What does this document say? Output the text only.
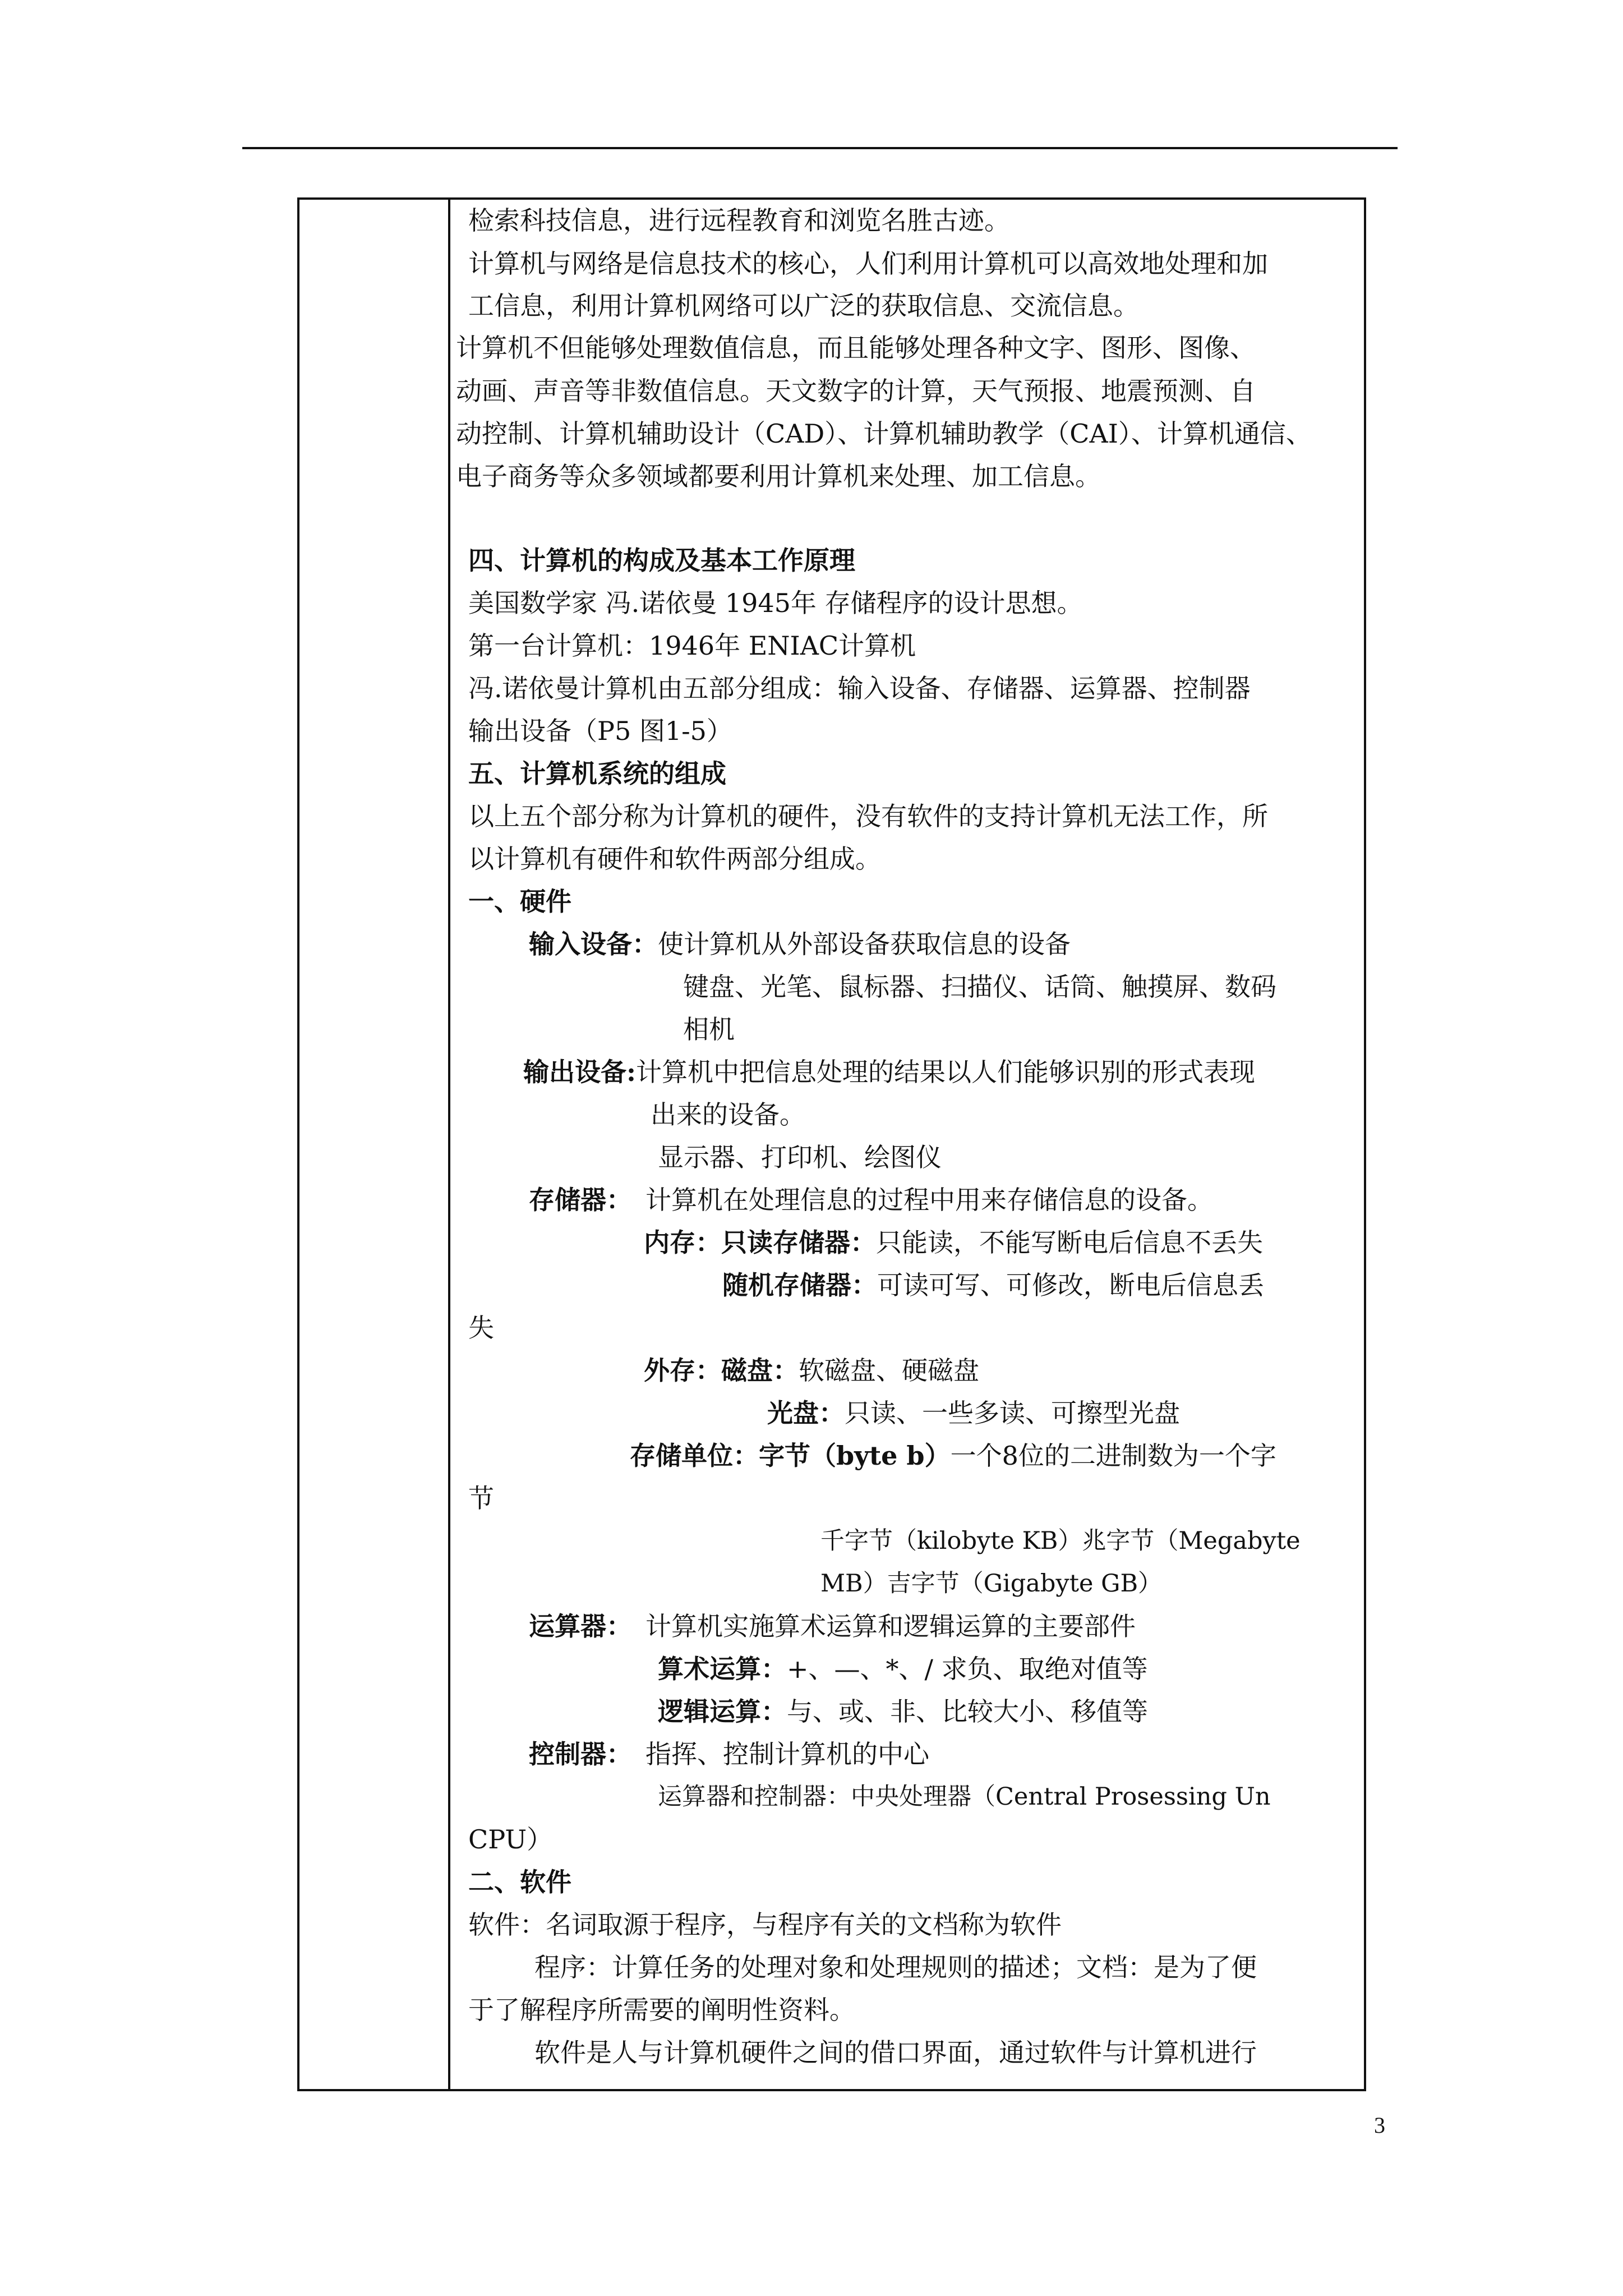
检索科技信息，进行远程教育和浏览名胜古迹。
计算机与网络是信息技术的核心，人们利用计算机可以高效地处理和加
工信息，利用计算机网络可以广泛的获取信息、交流信息。
计算机不但能够处理数值信息，而且能够处理各种文字、图形、图像、
动画、声音等非数值信息。天文数字的计算，天气预报、地震预测、自
动控制、计算机辅助设计（CAD）、计算机辅助教学（CAI）、计算机通信、
电子商务等众多领域都要利用计算机来处理、加工信息。
四、计算机的构成及基本工作原理
美国数学家 冯.诺依曼 1945年 存储程序的设计思想。
第一台计算机：1946年 ENIAC计算机
冯.诺依曼计算机由五部分组成：输入设备、存储器、运算器、控制器
输出设备（P5 图1-5）
五、计算机系统的组成
以上五个部分称为计算机的硬件，没有软件的支持计算机无法工作，所
以计算机有硬件和软件两部分组成。
一、硬件
输入设备：使计算机从外部设备获取信息的设备
键盘、光笔、鼠标器、扫描仪、话筒、触摸屏、数码
相机
输出设备:计算机中把信息处理的结果以人们能够识别的形式表现
出来的设备。
显示器、打印机、绘图仪
存储器： 计算机在处理信息的过程中用来存储信息的设备。
内存：只读存储器：只能读，不能写断电后信息不丢失
随机存储器：可读可写、可修改，断电后信息丢
失
外存：磁盘：软磁盘、硬磁盘
光盘：只读、一些多读、可擦型光盘
存储单位：字节（byte b）一个8位的二进制数为一个字
节
千字节（kilobyte KB）兆字节（Megabyte
MB）吉字节（Gigabyte GB）
运算器： 计算机实施算术运算和逻辑运算的主要部件
算术运算：+、—、*、/ 求负、取绝对值等
逻辑运算：与、或、非、比较大小、移值等
控制器： 指挥、控制计算机的中心
运算器和控制器：中央处理器（Central Prosessing Un
CPU）
二、软件
软件：名词取源于程序，与程序有关的文档称为软件
程序：计算任务的处理对象和处理规则的描述；文档：是为了便
于了解程序所需要的阐明性资料。
软件是人与计算机硬件之间的借口界面，通过软件与计算机进行
3
